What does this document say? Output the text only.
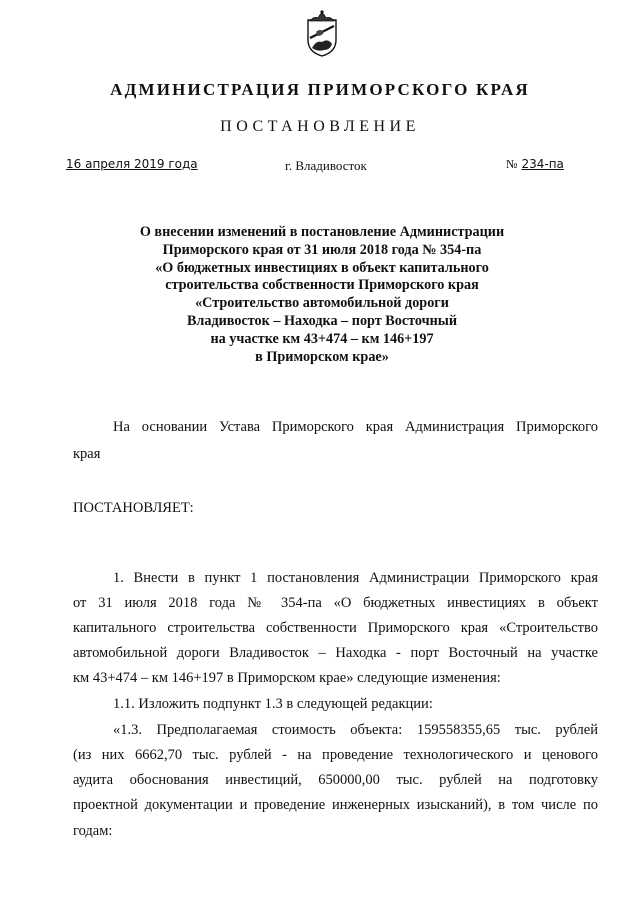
АДМИНИСТРАЦИЯ ПРИМОРСКОГО КРАЯ
ПОСТАНОВЛЕНИЕ
16 апреля 2019 года	г. Владивосток	№ 234-па
О внесении изменений в постановление Администрации
Приморского края от 31 июля 2018 года № 354-па
«О бюджетных инвестициях в объект капитального
строительства собственности Приморского края
«Строительство автомобильной дороги
Владивосток – Находка – порт Восточный
на участке км 43+474 – км 146+197
в Приморском крае»
На основании Устава Приморского края Администрация Приморского
края
ПОСТАНОВЛЯЕТ:
1. Внести в пункт 1 постановления Администрации Приморского края
от 31 июля 2018 года № 354-па «О бюджетных инвестициях в объект
капитального строительства собственности Приморского края «Строительство
автомобильной дороги Владивосток – Находка - порт Восточный на участке
км 43+474 – км 146+197 в Приморском крае» следующие изменения:
1.1. Изложить подпункт 1.3 в следующей редакции:
«1.3. Предполагаемая стоимость объекта: 159558355,65 тыс. рублей
(из них 6662,70 тыс. рублей - на проведение технологического и ценового
аудита обоснования инвестиций, 650000,00 тыс. рублей на подготовку
проектной документации и проведение инженерных изысканий), в том числе по
годам:
